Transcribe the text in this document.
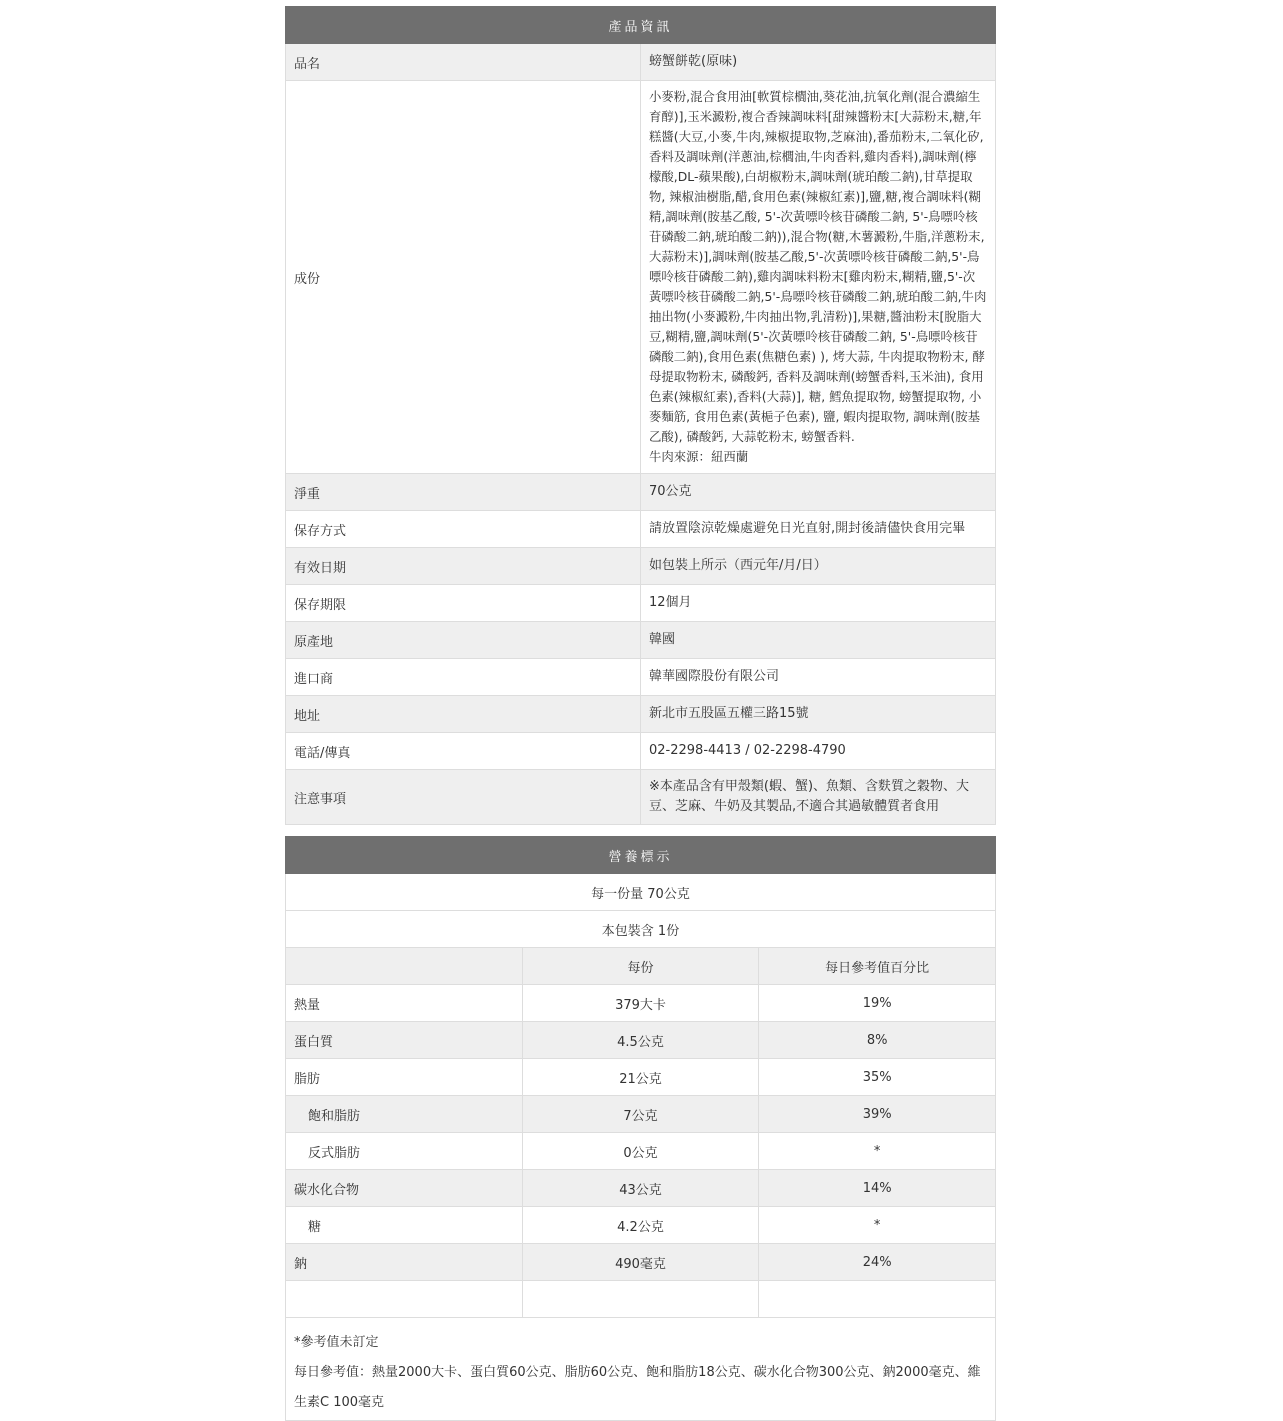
產品資訊	
品名	螃蟹餅乾(原味)
成份	小麥粉,混合食用油[軟質棕櫚油,葵花油,抗氧化劑(混合濃縮生育醇)],玉米澱粉,複合香辣調味料[甜辣醬粉末[大蒜粉末,糖,年糕醬(大豆,小麥,牛肉,辣椒提取物,芝麻油),番茄粉末,二氧化矽,香料及調味劑(洋蔥油,棕櫚油,牛肉香料,雞肉香料),調味劑(檸檬酸,DL-蘋果酸),白胡椒粉末,調味劑(琥珀酸二鈉),甘草提取物, 辣椒油樹脂,醋,食用色素(辣椒紅素)],鹽,糖,複合調味料(糊精,調味劑(胺基乙酸, 5'-次黃嘌呤核苷磷酸二鈉, 5'-鳥嘌呤核苷磷酸二鈉,琥珀酸二鈉)),混合物(糖,木薯澱粉,牛脂,洋蔥粉末,大蒜粉末)],調味劑(胺基乙酸,5'-次黃嘌呤核苷磷酸二鈉,5'-鳥嘌呤核苷磷酸二鈉),雞肉調味料粉末[雞肉粉末,糊精,鹽,5'-次黃嘌呤核苷磷酸二鈉,5'-鳥嘌呤核苷磷酸二鈉,琥珀酸二鈉,牛肉抽出物(小麥澱粉,牛肉抽出物,乳清粉)],果糖,醬油粉末[脫脂大豆,糊精,鹽,調味劑(5'-次黃嘌呤核苷磷酸二鈉, 5'-鳥嘌呤核苷磷酸二鈉),食用色素(焦糖色素) ), 烤大蒜, 牛肉提取物粉末, 酵母提取物粉末, 磷酸鈣, 香料及調味劑(螃蟹香料,玉米油), 食用色素(辣椒紅素),香料(大蒜)], 糖, 鱈魚提取物, 螃蟹提取物, 小麥麵筋, 食用色素(黃梔子色素), 鹽, 蝦肉提取物, 調味劑(胺基乙酸), 磷酸鈣, 大蒜乾粉末, 螃蟹香料.
牛肉來源：紐西蘭

淨重	70公克
保存方式	請放置陰涼乾燥處避免日光直射,開封後請儘快食用完畢
有效日期	如包裝上所示（西元年/月/日）
保存期限	12個月
原產地	韓國
進口商	韓華國際股份有限公司
地址	新北市五股區五權三路15號
電話/傳真	02-2298-4413 / 02-2298-4790
注意事項	※本產品含有甲殼類(蝦、蟹)、魚類、含麩質之穀物、大豆、芝麻、牛奶及其製品,不適合其過敏體質者食用
營養標示		
每一份量 70公克		
本包裝含 1份		
	每份	每日參考值百分比
熱量	379大卡	19%
蛋白質	4.5公克	8%
脂肪	21公克	35%
飽和脂肪	7公克	39%
反式脂肪	0公克	*
碳水化合物	43公克	14%
糖	4.2公克	*
鈉	490毫克	24%

*參考值未訂定
每日參考值：熱量2000大卡、蛋白質60公克、脂肪60公克、飽和脂肪18公克、碳水化合物300公克、鈉2000毫克、維生素C 100毫克
